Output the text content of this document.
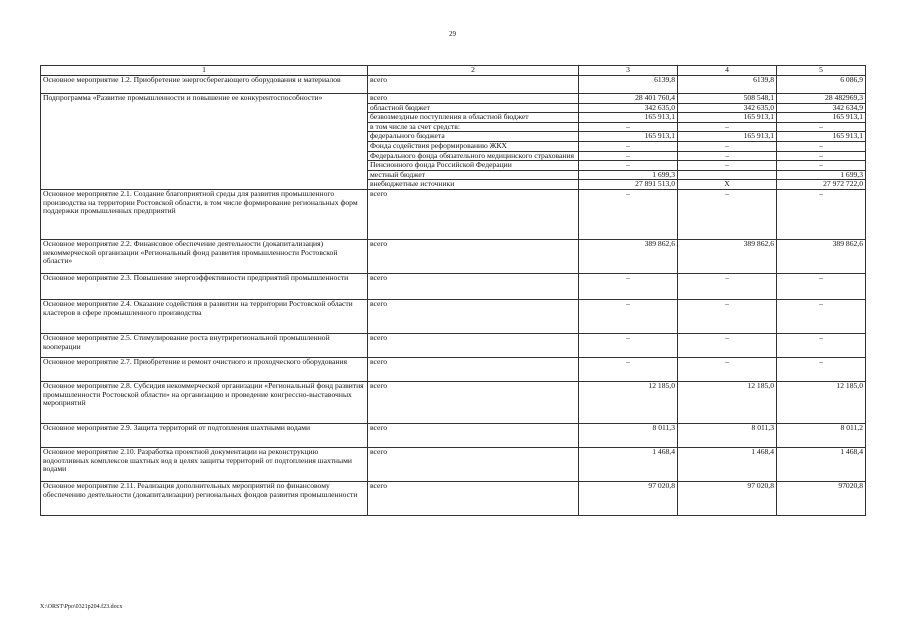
29
1	2	3	4	5
Основное мероприятие 1.2. Приобретение энергосберегающего оборудования и материалов	всего	6139,8	6139,8	6 086,9
Подпрограмма «Развитие промышленности и повышение ее конкурентоспособности»	всего	28 401 760,4	508 548,1	28 482969,3
	областной бюджет	342 635,0	342 635,0	342 634,9
	безвозмездные поступления в областной бюджет	165 913,1	165 913,1	165 913,1
	в том числе за счет средств:	–	–	–
	федерального бюджета	165 913,1	165 913,1	165 913,1
	Фонда содействия реформированию ЖКХ	–	–	–
	Федерального фонда обязательного медицинского страхования	–	–	–
	Пенсионного фонда Российской Федерации	–	–	–
	местный бюджет	1 699,3		1 699,3
	внебюджетные источники	27 891 513,0	Х	27 972 722,0
Основное мероприятие 2.1. Создание благоприятной среды для развития промышленного производства на территории Ростовской области, в том числе формирование региональных форм поддержки промышленных предприятий	всего	–	–	–
Основное мероприятие 2.2. Финансовое обеспечение деятельности (докапитализация) некоммерческой организации «Региональный фонд развития промышленности Ростовской области»	всего	389 862,6	389 862,6	389 862,6
Основное мероприятие 2.3. Повышение энергоэффективности предприятий промышленности	всего	–	–	–
Основное мероприятие 2.4. Оказание содействия в развитии на территории Ростовской области кластеров в сфере промышленного производства	всего	–	–	–
Основное мероприятие 2.5. Стимулирование роста внутрирегиональной промышленной кооперации	всего	–	–	–
Основное мероприятие 2.7. Приобретение и ремонт очистного и проходческого оборудования	всего	–	–	–
Основное мероприятие 2.8. Субсидия некоммерческой организации «Региональный фонд развития промышленности Ростовской области» на организацию и проведение конгрессно-выставочных мероприятий	всего	12 185,0	12 185,0	12 185,0
Основное мероприятие 2.9. Защита территорий от подтопления шахтными водами	всего	8 011,3	8 011,3	8 011,2
Основное мероприятие 2.10. Разработка проектной документации на реконструкцию водоотливных комплексов шахтных вод в целях защиты территорий от подтопления шахтными водами	всего	1 468,4	1 468,4	1 468,4
Основное мероприятие 2.11. Реализация дополнительных мероприятий по финансовому обеспечению деятельности (докапитализации) региональных фондов развития промышленности	всего	97 020,8	97 020,8	97020,8
X:\ORST\Ppo\0321p204.f23.docx
